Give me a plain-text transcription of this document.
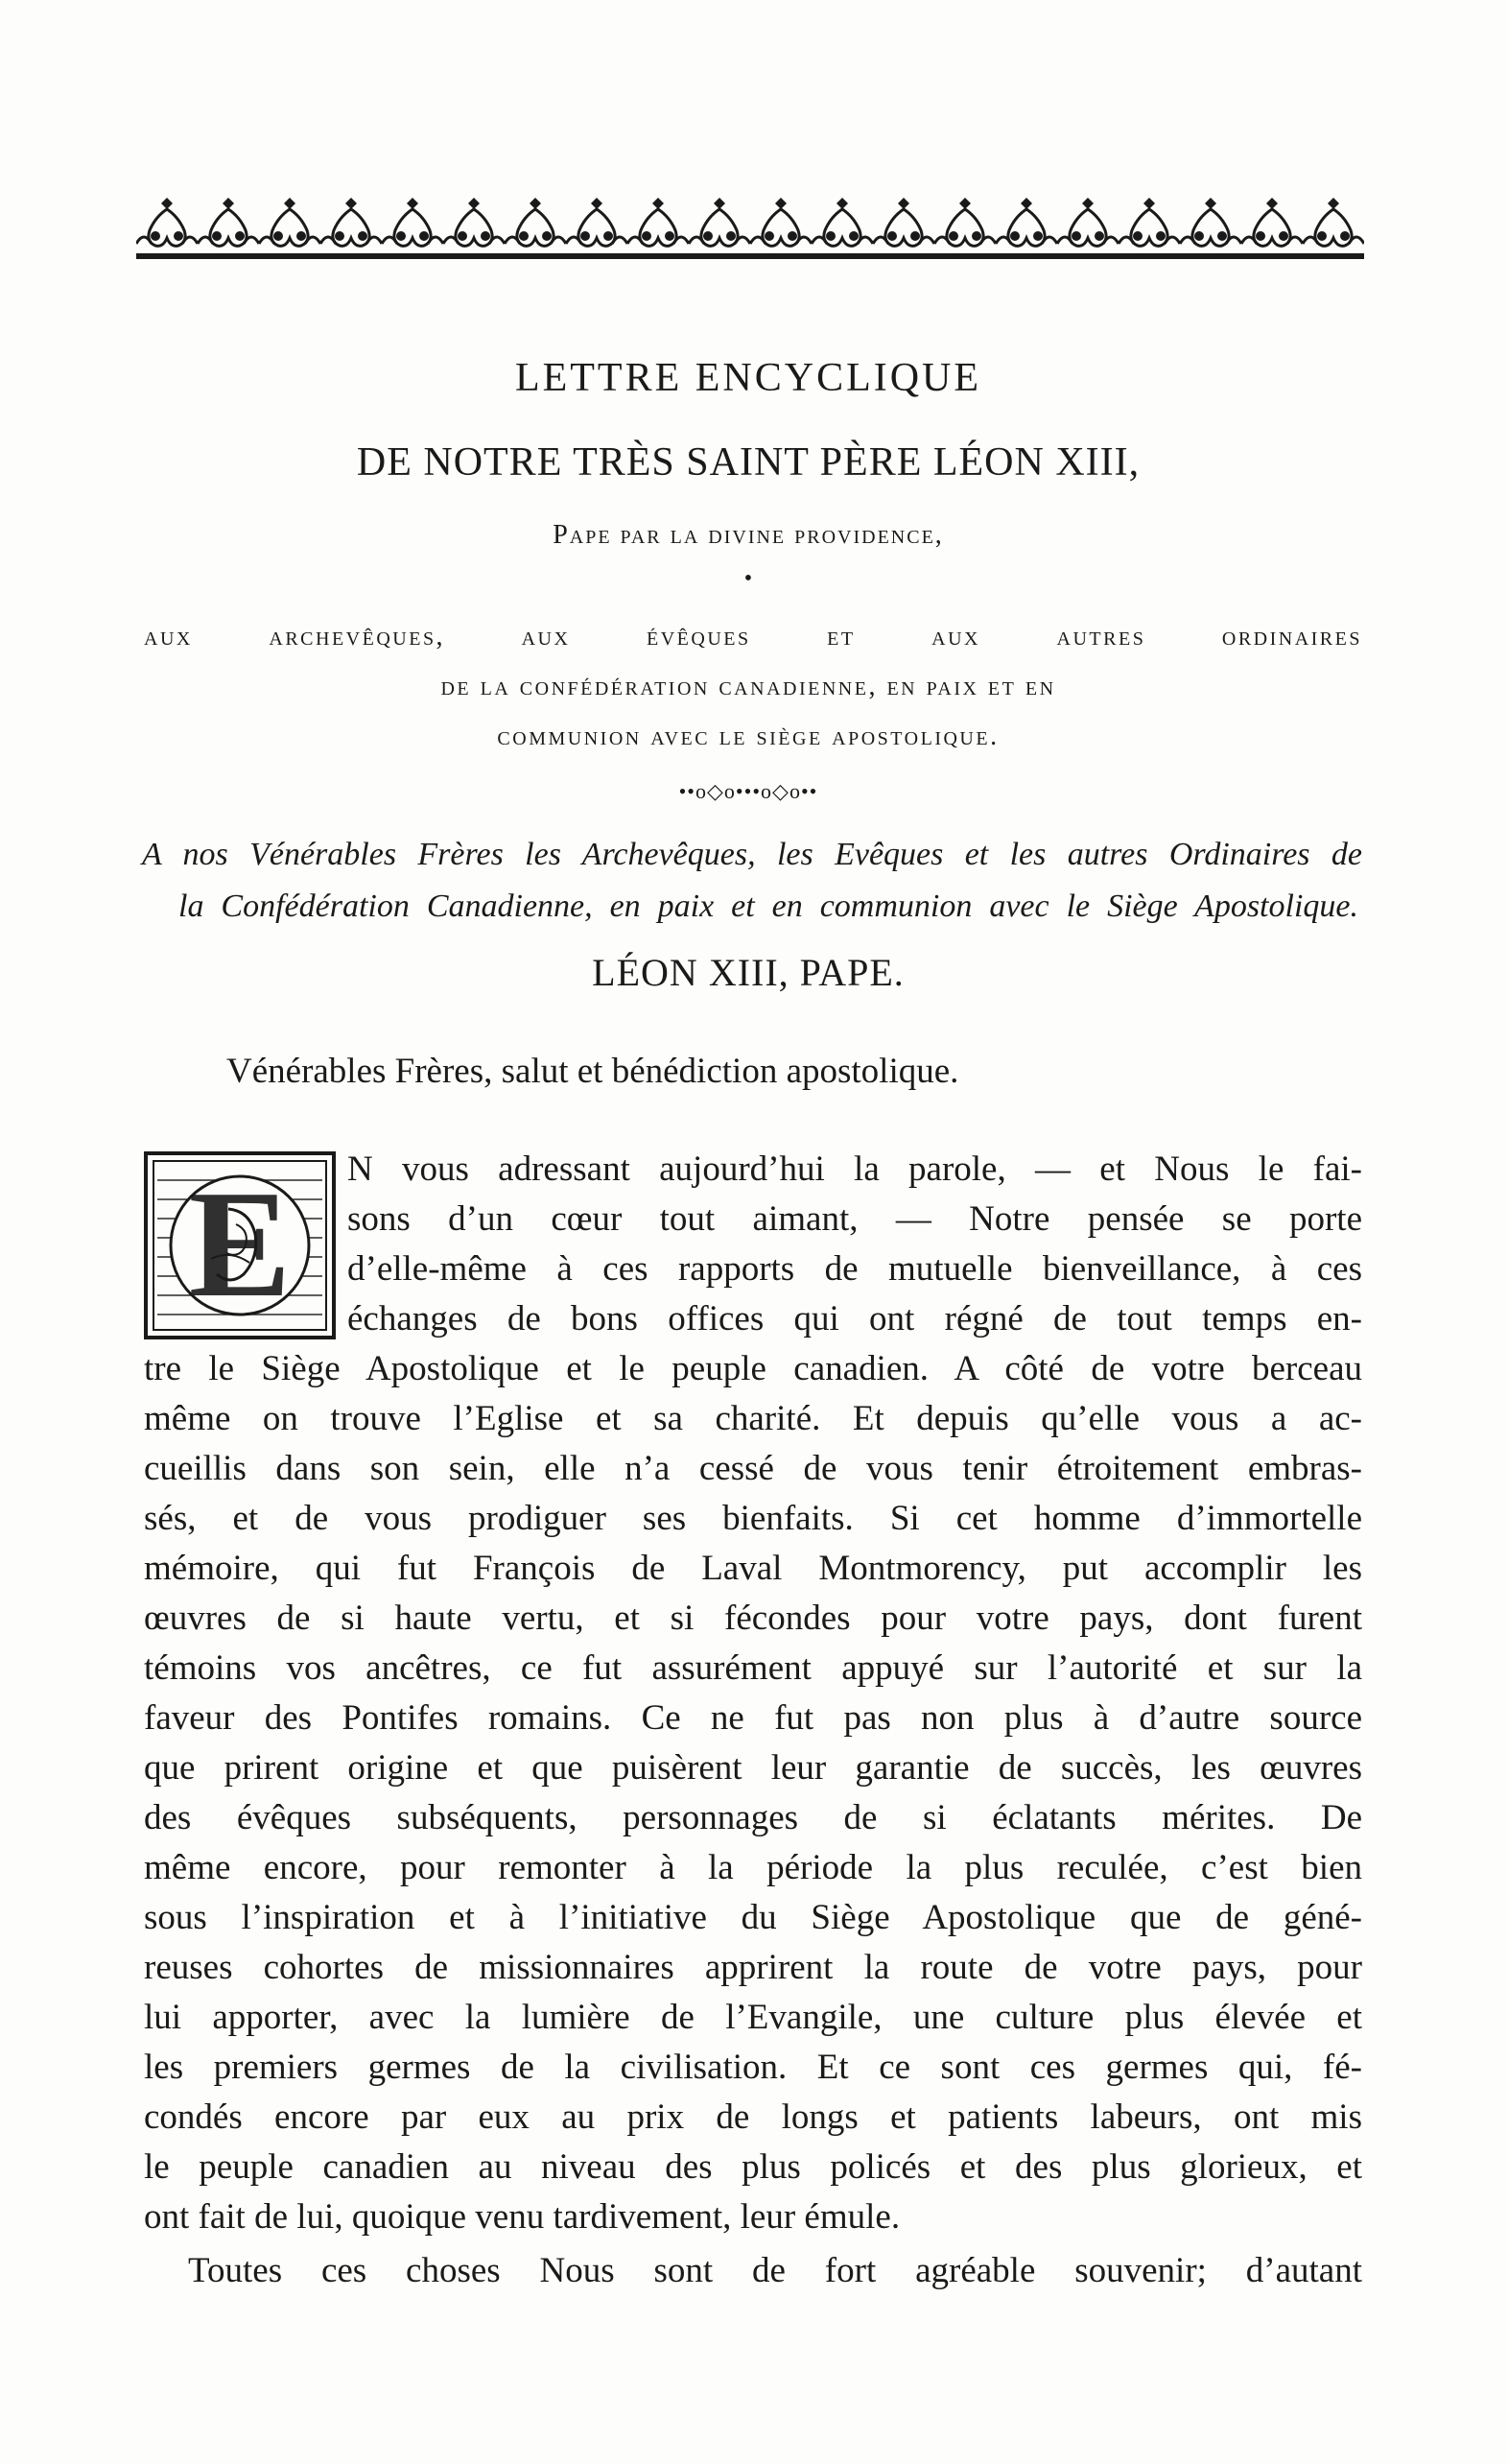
LETTRE ENCYCLIQUE
DE NOTRE TRÈS SAINT PÈRE LÉON XIII,
Pape par la divine providence,
•
aux	archevêques,	aux	évêques	et	aux	autres	ordinaires
de la confédération canadienne, en paix et en
communion avec le siège apostolique.
••o◇o•••o◇o••
A nos Vénérables Frères les Archevêques, les Evêques et les autres Ordinaires de
la Confédération Canadienne, en paix et en communion avec le Siège Apostolique.
LÉON XIII, PAPE.
Vénérables Frères, salut et bénédiction apostolique.
E N vous adressant aujourd’hui la parole, — et Nous le fai-
sons d’un cœur tout aimant, — Notre pensée se porte
d’elle-même à ces rapports de mutuelle bienveillance, à ces
échanges de bons offices qui ont régné de tout temps en-
tre le Siège Apostolique et le peuple canadien. A côté de votre berceau
même on trouve l’Eglise et sa charité. Et depuis qu’elle vous a ac-
cueillis dans son sein, elle n’a cessé de vous tenir étroitement embras-
sés, et de vous prodiguer ses bienfaits. Si cet homme d’immortelle
mémoire, qui fut François de Laval Montmorency, put accomplir les
œuvres de si haute vertu, et si fécondes pour votre pays, dont furent
témoins vos ancêtres, ce fut assurément appuyé sur l’autorité et sur la
faveur des Pontifes romains. Ce ne fut pas non plus à d’autre source
que prirent origine et que puisèrent leur garantie de succès, les œuvres
des évêques subséquents, personnages de si éclatants mérites. De
même encore, pour remonter à la période la plus reculée, c’est bien
sous l’inspiration et à l’initiative du Siège Apostolique que de géné-
reuses cohortes de missionnaires apprirent la route de votre pays, pour
lui apporter, avec la lumière de l’Evangile, une culture plus élevée et
les premiers germes de la civilisation. Et ce sont ces germes qui, fé-
condés encore par eux au prix de longs et patients labeurs, ont mis
le peuple canadien au niveau des plus policés et des plus glorieux, et
ont fait de lui, quoique venu tardivement, leur émule.
Toutes ces choses Nous sont de fort agréable souvenir; d’autant
